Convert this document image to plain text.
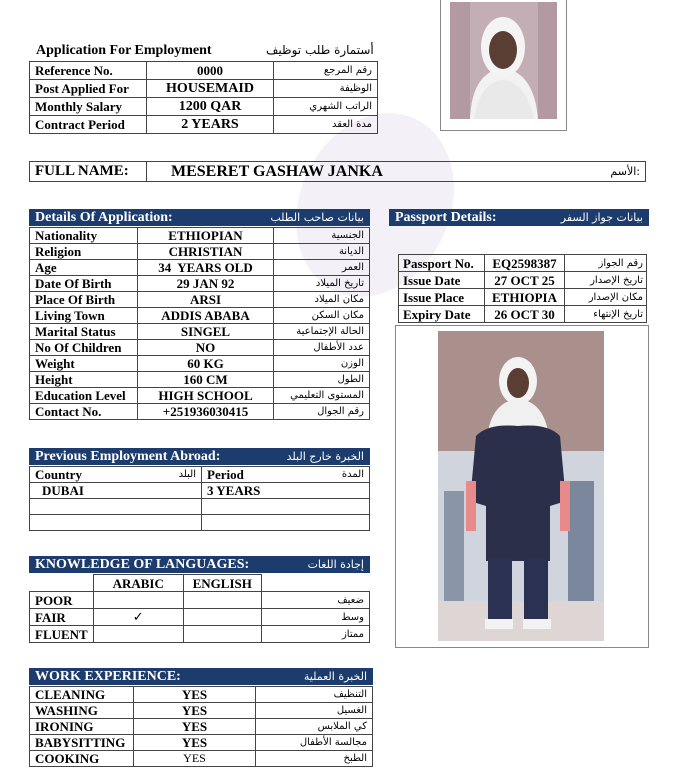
Application For Employment	أستمارة طلب توظيف
Reference No.	0000	رقم المرجع
Post Applied For	HOUSEMAID	الوظيفة
Monthly Salary	1200 QAR	الراتب الشهري
Contract Period	2 YEARS	مدة العقد
FULL NAME:	MESERET GASHAW JANKA	الأسم:
Details Of Application:	بيانات صاحب الطلب
Nationality	ETHIOPIAN	الجنسية
Religion	CHRISTIAN	الديانة
Age	34  YEARS OLD	العمر
Date Of Birth	29 JAN 92	تاريخ الميلاد
Place Of Birth	ARSI	مكان الميلاد
Living Town	ADDIS ABABA	مكان السكن
Marital Status	SINGEL	الحالة الإجتماعية
No Of Children	NO	عدد الأطفال
Weight	60 KG	الوزن
Height	160 CM	الطول
Education Level	HIGH SCHOOL	المستوى التعليمي
Contact No.	+251936030415	رقم الجوال
Passport Details:	بيانات جواز السفر
Passport No.	EQ2598387	رقم الجواز
Issue Date	27 OCT 25	تاريخ الإصدار
Issue Place	ETHIOPIA	مكان الإصدار
Expiry Date	26 OCT 30	تاريخ الإنتهاء
Previous Employment Abroad:	الخبرة خارج البلد
Country البلد	Period المدة

DUBAI	3 YEARS

KNOWLEDGE OF LANGUAGES:	إجادة اللغات
	ARABIC	ENGLISH	
POOR			ضعيف
FAIR	✓		وسط
FLUENT			ممتاز
WORK EXPERIENCE:	الخبرة العملية
CLEANING	YES	التنظيف
WASHING	YES	الغسيل
IRONING	YES	كي الملابس
BABYSITTING	YES	مجالسة الأطفال
COOKING	YES	الطبخ
